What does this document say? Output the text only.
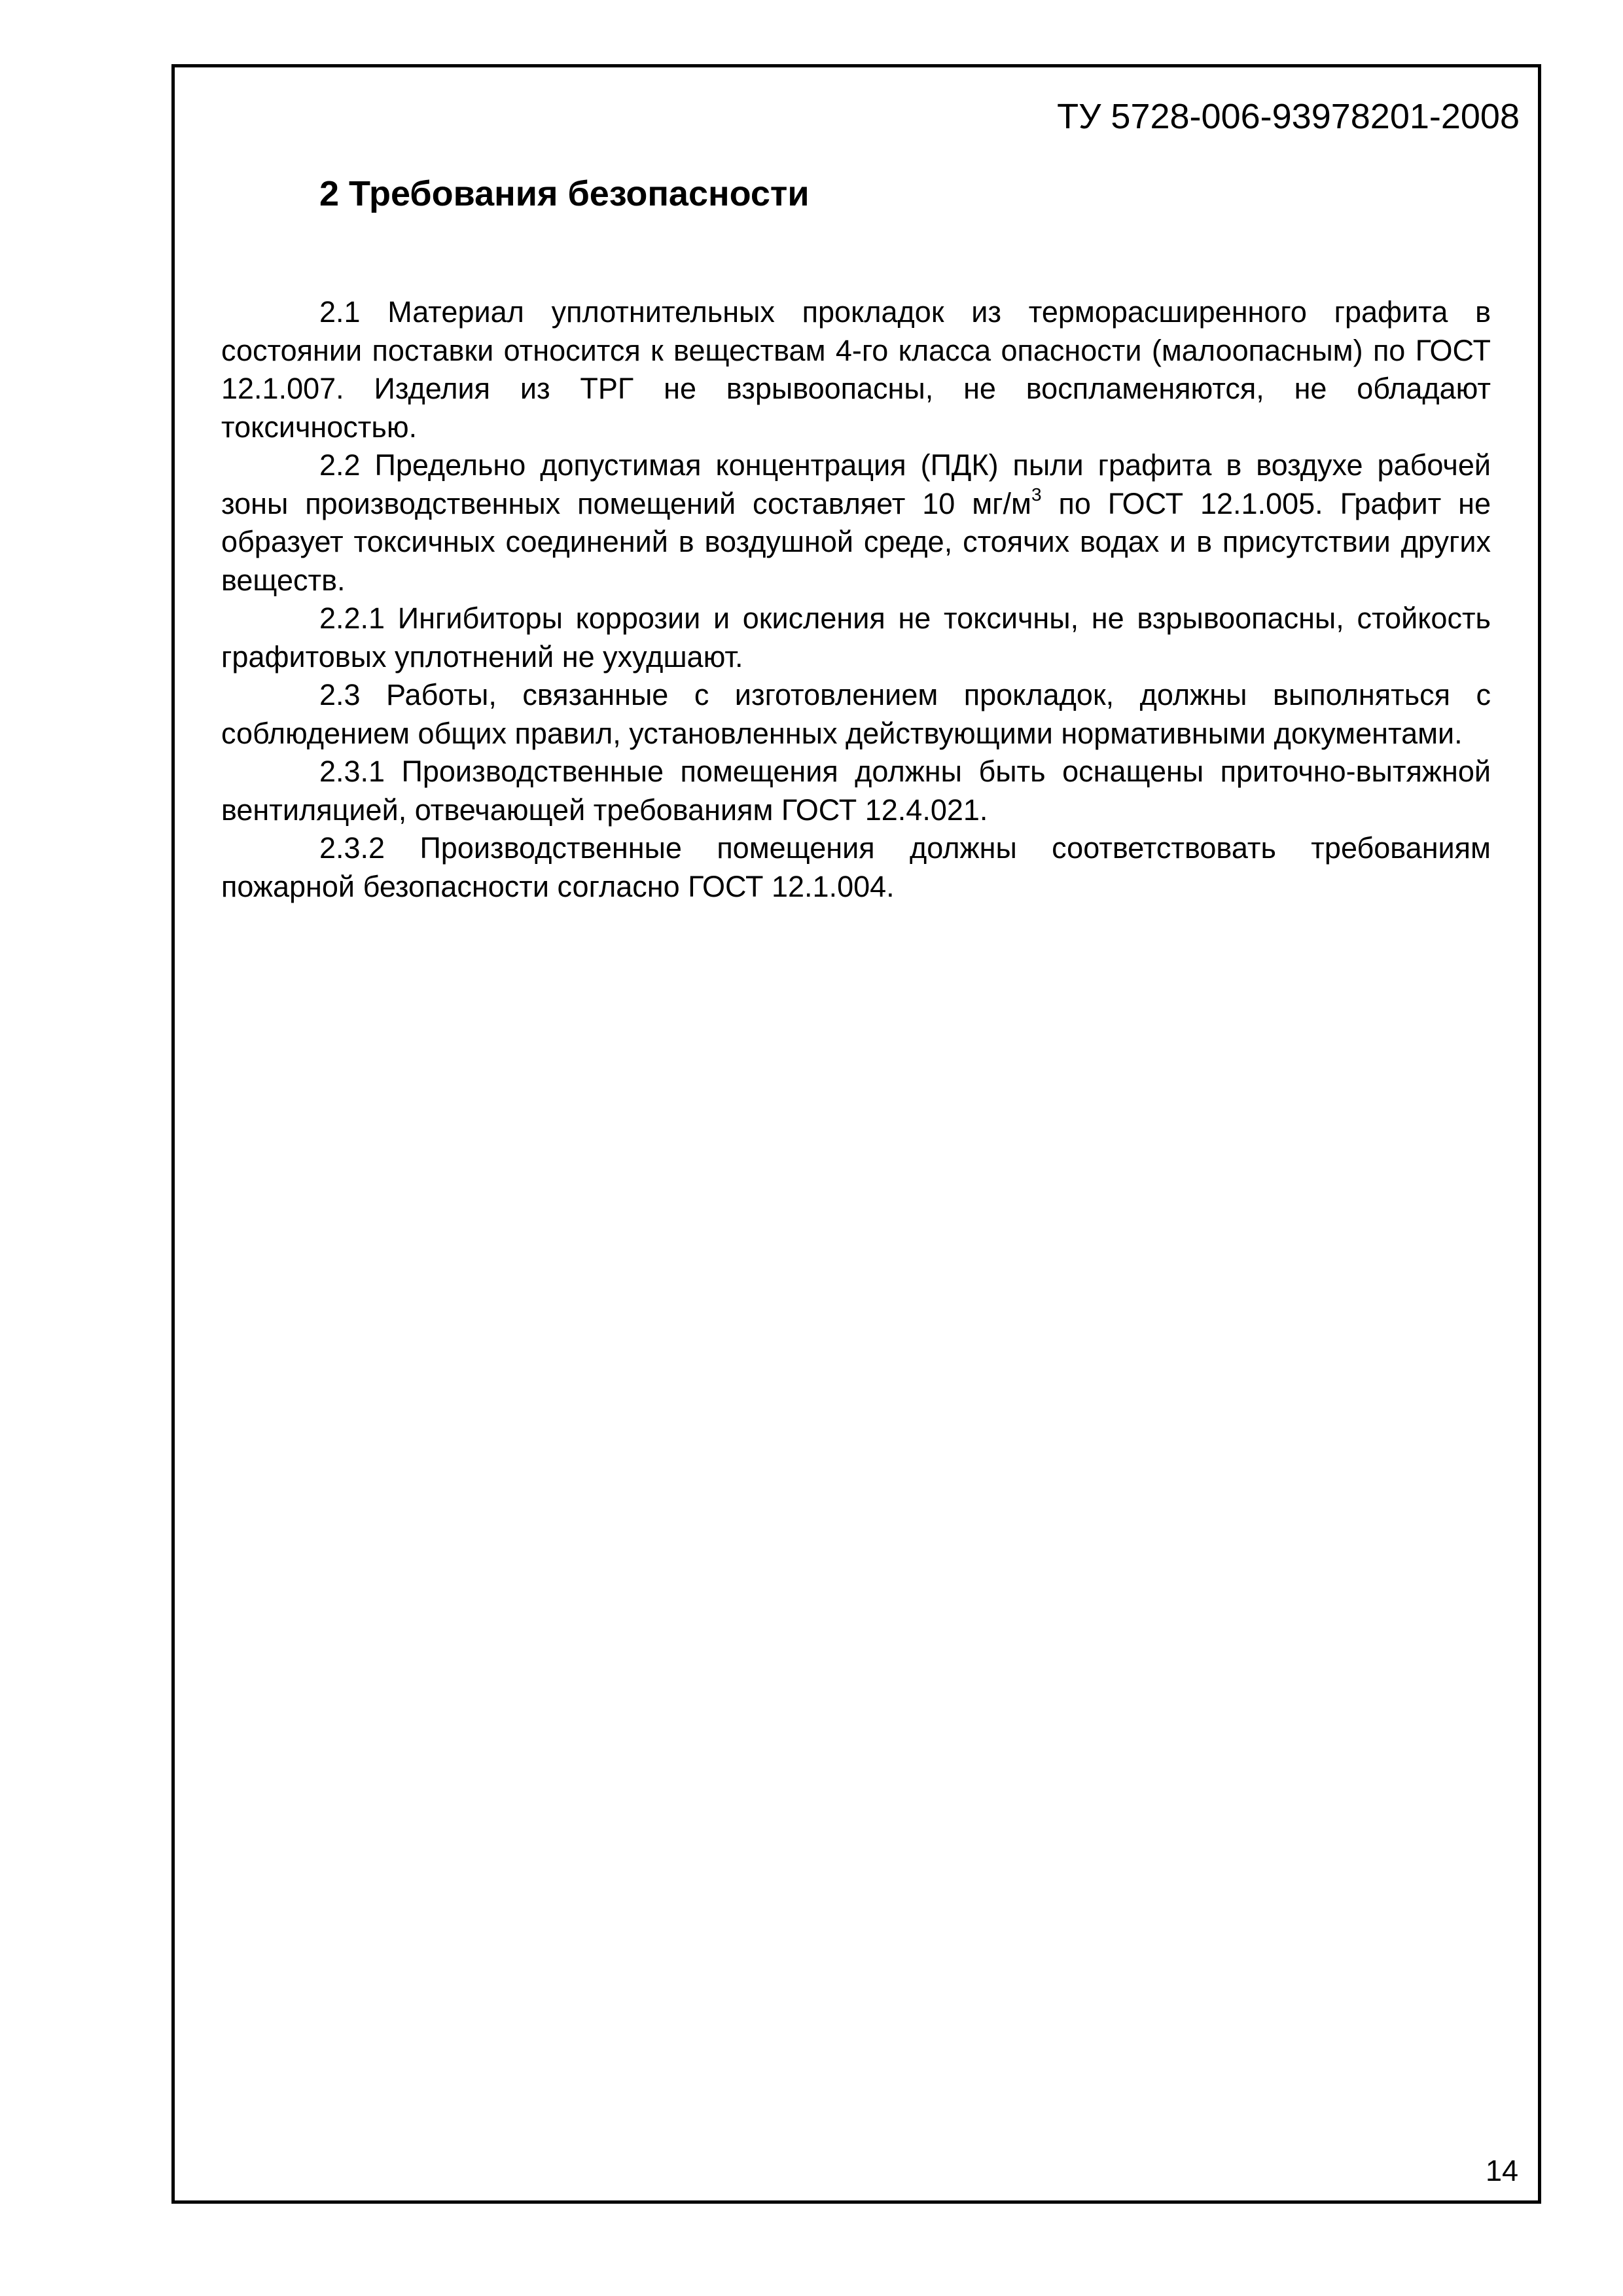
ТУ 5728-006-93978201-2008
2 Требования безопасности

2.1 Материал уплотнительных прокладок из терморасширенного графита в состоянии поставки относится к веществам 4-го класса опасности (малоопасным) по ГОСТ 12.1.007. Изделия из ТРГ не взрывоопасны, не воспламеняются, не обладают токсичностью.

2.2 Предельно допустимая концентрация (ПДК) пыли графита в воздухе рабочей зоны производственных помещений составляет 10 $мг/м^3$ по ГОСТ 12.1.005. Графит не образует токсичных соединений в воздушной среде, стоячих водах и в присутствии других веществ.

2.2.1 Ингибиторы коррозии и окисления не токсичны, не взрывоопасны, стойкость графитовых уплотнений не ухудшают.

2.3 Работы, связанные с изготовлением прокладок, должны выполняться с соблюдением общих правил, установленных действующими нормативными документами.

2.3.1 Производственные помещения должны быть оснащены приточно-вытяжной вентиляцией, отвечающей требованиям ГОСТ 12.4.021.

2.3.2 Производственные помещения должны соответствовать требованиям пожарной безопасности согласно ГОСТ 12.1.004.

14
